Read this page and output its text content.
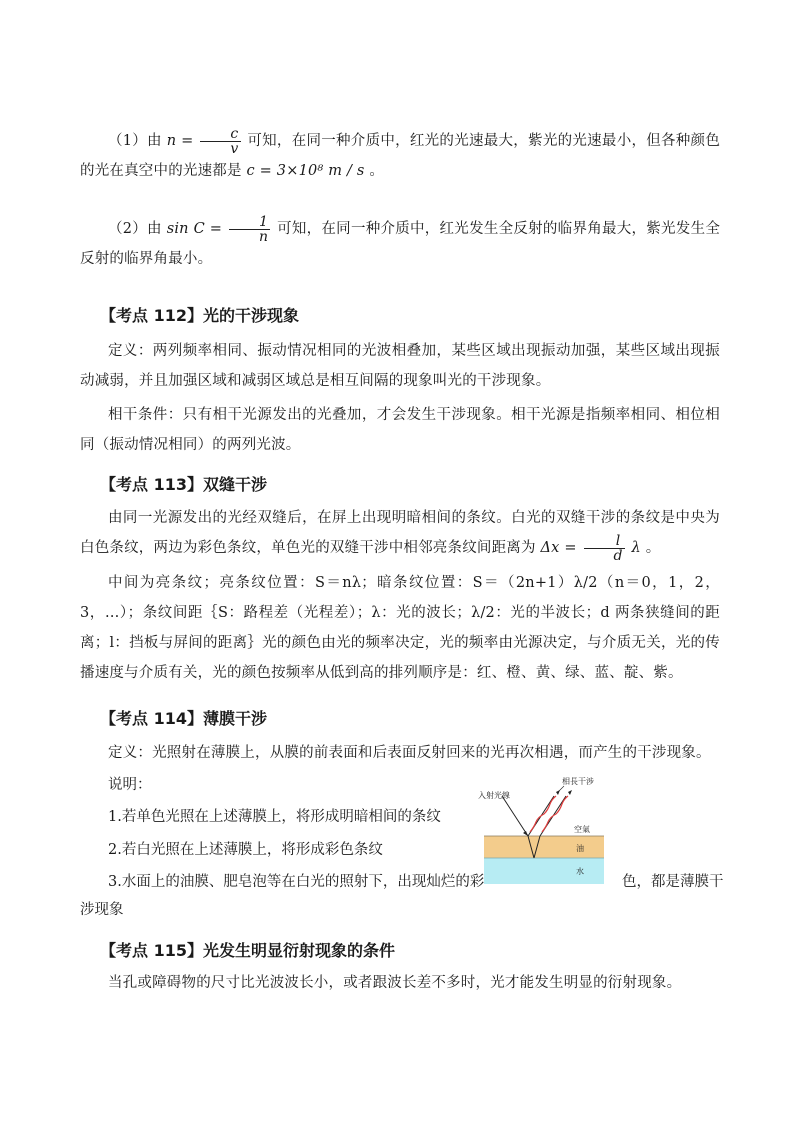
（1）由 $n = \frac{c}{v}$ 可知，在同一种介质中，红光的光速最大，紫光的光速最小，但各种颜色的光在真空中的光速都是 c = 3×10⁸ m / s 。
（2）由 $\sin C = \frac{1}{n}$ 可知，在同一种介质中，红光发生全反射的临界角最大，紫光发生全反射的临界角最小。
【考点 112】光的干涉现象
定义：两列频率相同、振动情况相同的光波相叠加，某些区域出现振动加强，某些区域出现振动减弱，并且加强区域和减弱区域总是相互间隔的现象叫光的干涉现象。
相干条件：只有相干光源发出的光叠加，才会发生干涉现象。相干光源是指频率相同、相位相同（振动情况相同）的两列光波。
【考点 113】双缝干涉
由同一光源发出的光经双缝后，在屏上出现明暗相间的条纹。白光的双缝干涉的条纹是中央为白色条纹，两边为彩色条纹，单色光的双缝干涉中相邻亮条纹间距离为 $\Delta x = \frac{l}{d}$ λ 。
中间为亮条纹；亮条纹位置：S＝nλ；暗条纹位置：S＝（2n+1）λ/2（n＝0，1，2，3，…）；条纹间距｛S：路程差（光程差）；λ：光的波长；λ/2：光的半波长；d 两条狭缝间的距离；l：挡板与屏间的距离｝光的颜色由光的频率决定，光的频率由光源决定，与介质无关，光的传播速度与介质有关，光的颜色按频率从低到高的排列顺序是：红、橙、黄、绿、蓝、靛、紫。
【考点 114】薄膜干涉
定义：光照射在薄膜上，从膜的前表面和后表面反射回来的光再次相遇，而产生的干涉现象。
说明：
1.若单色光照在上述薄膜上，将形成明暗相间的条纹
2.若白光照在上述薄膜上，将形成彩色条纹
3.水面上的油膜、肥皂泡等在白光的照射下，出现灿烂的彩	色，都是薄膜干
涉现象
相長干涉
入射光線
空氣
油
水
【考点 115】光发生明显衍射现象的条件
当孔或障碍物的尺寸比光波波长小，或者跟波长差不多时，光才能发生明显的衍射现象。
